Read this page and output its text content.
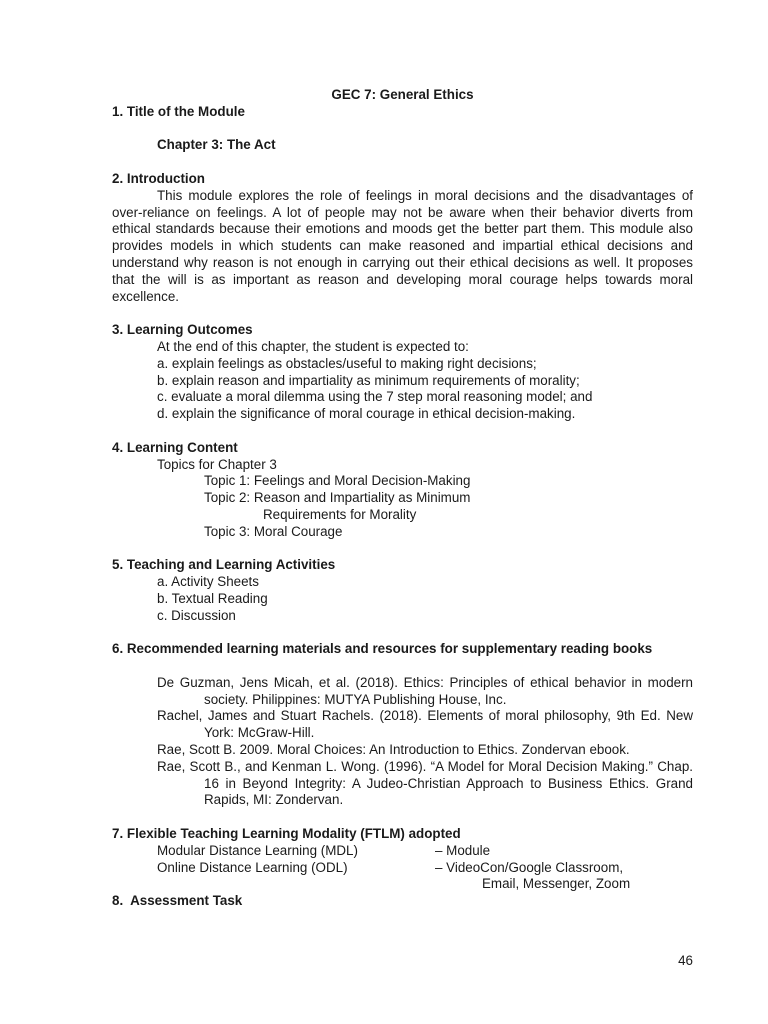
GEC 7: General Ethics
1. Title of the Module
Chapter 3: The Act
2. Introduction
This module explores the role of feelings in moral decisions and the disadvantages of over-reliance on feelings. A lot of people may not be aware when their behavior diverts from ethical standards because their emotions and moods get the better part them. This module also provides models in which students can make reasoned and impartial ethical decisions and understand why reason is not enough in carrying out their ethical decisions as well. It proposes that the will is as important as reason and developing moral courage helps towards moral excellence.
3. Learning Outcomes
At the end of this chapter, the student is expected to:
a. explain feelings as obstacles/useful to making right decisions;
b. explain reason and impartiality as minimum requirements of morality;
c. evaluate a moral dilemma using the 7 step moral reasoning model; and
d. explain the significance of moral courage in ethical decision-making.
4. Learning Content
Topics for Chapter 3
Topic 1: Feelings and Moral Decision-Making
Topic 2: Reason and Impartiality as Minimum
Requirements for Morality
Topic 3: Moral Courage
5. Teaching and Learning Activities
a. Activity Sheets
b. Textual Reading
c. Discussion
6. Recommended learning materials and resources for supplementary reading books
De Guzman, Jens Micah, et al. (2018). Ethics: Principles of ethical behavior in modern society. Philippines: MUTYA Publishing House, Inc.
Rachel, James and Stuart Rachels. (2018). Elements of moral philosophy, 9th Ed. New York: McGraw-Hill.
Rae, Scott B. 2009. Moral Choices: An Introduction to Ethics. Zondervan ebook.
Rae, Scott B., and Kenman L. Wong. (1996). “A Model for Moral Decision Making.” Chap. 16 in Beyond Integrity: A Judeo-Christian Approach to Business Ethics. Grand Rapids, MI: Zondervan.
7. Flexible Teaching Learning Modality (FTLM) adopted
Modular Distance Learning (MDL)	– Module
Online Distance Learning (ODL)	– VideoCon/Google Classroom,
Email, Messenger, Zoom
8.  Assessment Task
46
